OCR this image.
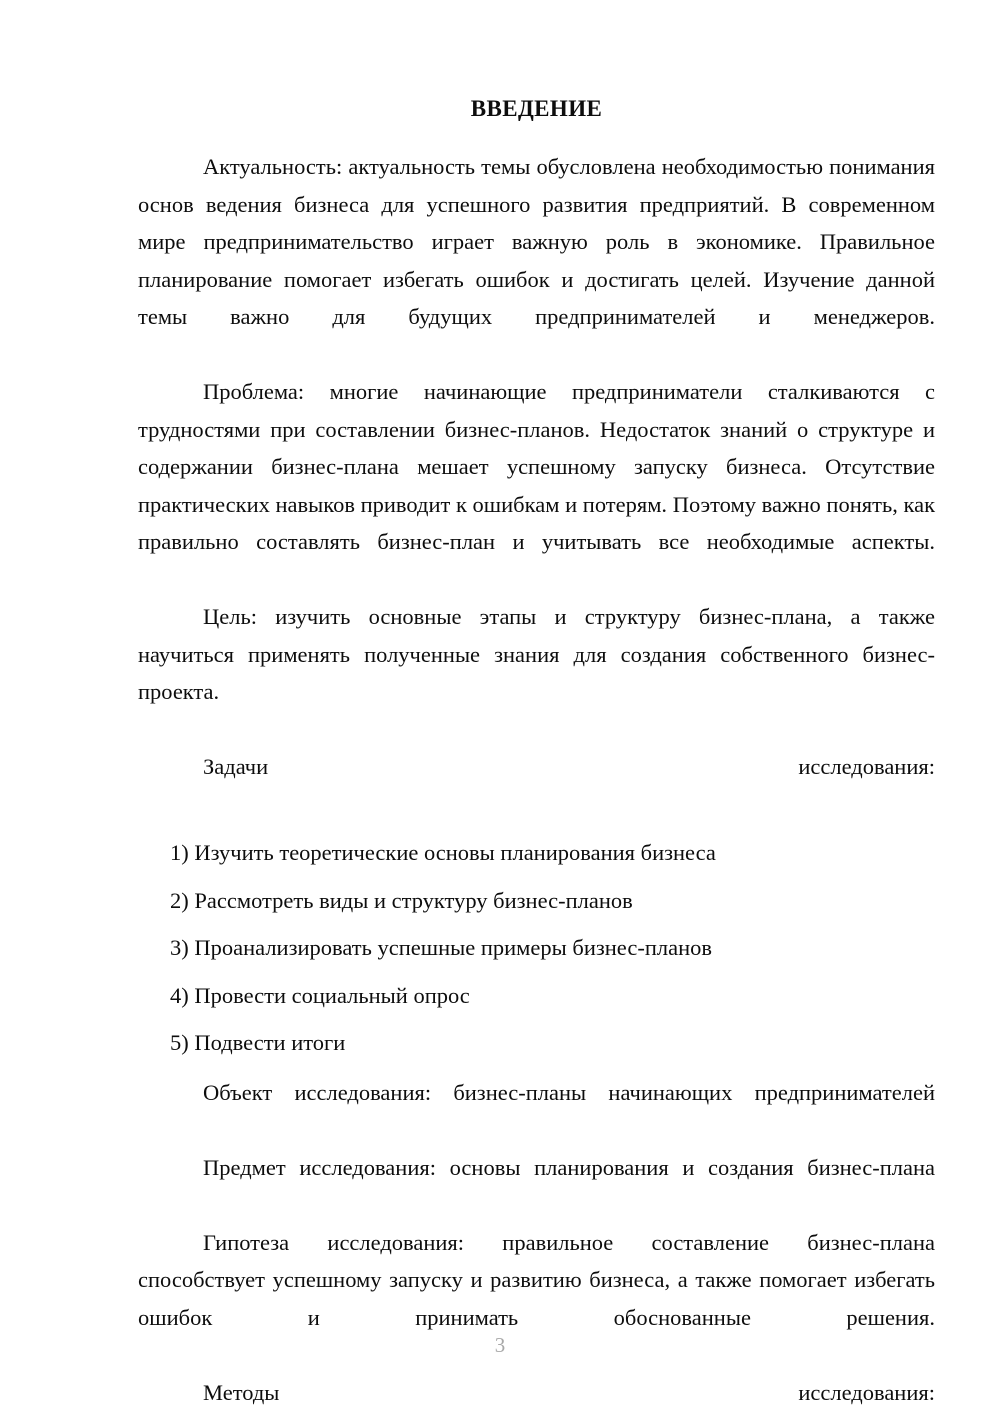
ВВЕДЕНИЕ

Актуальность: актуальность темы обусловлена необходимостью понимания основ ведения бизнеса для успешного развития предприятий. В современном мире предпринимательство играет важную роль в экономике. Правильное планирование помогает избегать ошибок и достигать целей. Изучение данной темы важно для будущих предпринимателей и менеджеров.

Проблема: многие начинающие предприниматели сталкиваются с трудностями при составлении бизнес-планов. Недостаток знаний о структуре и содержании бизнес-плана мешает успешному запуску бизнеса. Отсутствие практических навыков приводит к ошибкам и потерям. Поэтому важно понять, как правильно составлять бизнес-план и учитывать все необходимые аспекты.

Цель: изучить основные этапы и структуру бизнес-плана, а также научиться применять полученные знания для создания собственного бизнес-проекта.

Задачи исследования:

1) Изучить теоретические основы планирования бизнеса
2) Рассмотреть виды и структуру бизнес-планов
3) Проанализировать успешные примеры бизнес-планов
4) Провести социальный опрос
5) Подвести итоги

Объект исследования: бизнес-планы начинающих предпринимателей

Предмет исследования: основы планирования и создания бизнес-плана

Гипотеза исследования: правильное составление бизнес-плана способствует успешному запуску и развитию бизнеса, а также помогает избегать ошибок и принимать обоснованные решения.

Методы исследования:

3
